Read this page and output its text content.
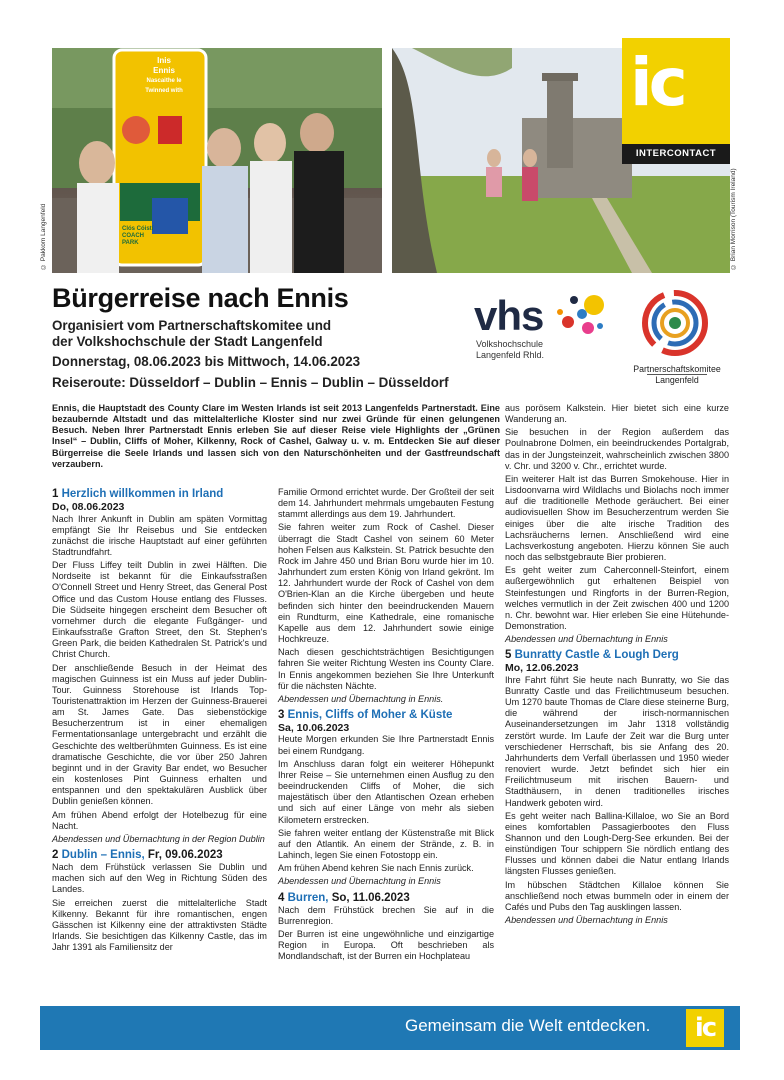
Inis
Ennis
Nascaithe le
Twinned with
Clós Cóistí
COACH PARK
© Pakkom Langenfeld	© Brian Morrison (Tourism Ireland)
ic
INTERCONTACT
Bürgerreise nach Ennis
Organisiert vom Partnerschaftskomitee und
der Volkshochschule der Stadt Langenfeld
Donnerstag, 08.06.2023 bis Mittwoch, 14.06.2023
Reiseroute: Düsseldorf – Dublin – Ennis – Dublin – Düsseldorf
vhs
Volkshochschule
Langenfeld Rhld.
Partnerschaftskomitee
Langenfeld
Ennis, die Hauptstadt des County Clare im Westen Irlands ist seit 2013 Langenfelds Partnerstadt. Eine bezaubernde Altstadt und das mittelalterliche Kloster sind nur zwei Gründe für einen gelungenen Besuch. Neben Ihrer Partnerstadt Ennis erleben Sie auf dieser Reise viele Highlights der „Grünen Insel“ – Dublin, Cliffs of Moher, Kilkenny, Rock of Cashel, Galway u. v. m. Entdecken Sie auf dieser Bürgerreise die Seele Irlands und lassen sich von den Naturschönheiten und der Gastfreundschaft verzaubern.
1 Herzlich willkommen in Irland
Do, 08.06.2023

Nach Ihrer Ankunft in Dublin am späten Vormittag empfängt Sie Ihr Reisebus und Sie entdecken zunächst die irische Hauptstadt auf einer geführten Stadtrundfahrt.

Der Fluss Liffey teilt Dublin in zwei Hälften. Die Nordseite ist bekannt für die Einkaufsstraßen O'Connell Street und Henry Street, das General Post Office und das Custom House entlang des Flusses. Die Südseite hingegen erscheint dem Besucher oft vornehmer durch die elegante Fußgänger- und Einkaufsstraße Grafton Street, den St. Stephen's Green Park, die beiden Kathedralen St. Patrick's und Christ Church.

Der anschließende Besuch in der Heimat des magischen Guinness ist ein Muss auf jeder Dublin-Tour. Guinness Storehouse ist Irlands Top-Touristenattraktion im Herzen der Guinness-Brauerei am St. James Gate. Das siebenstöckige Besucherzentrum ist in einer ehemaligen Fermentationsanlage untergebracht und erzählt die Geschichte des weltberühmten Guinness. Es ist eine dramatische Geschichte, die vor über 250 Jahren beginnt und in der Gravity Bar endet, wo Besucher ein kostenloses Pint Guinness erhalten und entspannen und den spektakulären Ausblick über Dublin genießen können.

Am frühen Abend erfolgt der Hotelbezug für eine Nacht.

Abendessen und Übernachtung in der Region Dublin

2 Dublin – Ennis, Fr, 09.06.2023

Nach dem Frühstück verlassen Sie Dublin und machen sich auf den Weg in Richtung Süden des Landes.

Sie erreichen zuerst die mittelalterliche Stadt Kilkenny. Bekannt für ihre romantischen, engen Gässchen ist Kilkenny eine der attraktivsten Städte Irlands. Sie besichtigen das Kilkenny Castle, das im Jahr 1391 als Familiensitz der

Familie Ormond errichtet wurde. Der Großteil der seit dem 14. Jahrhundert mehrmals umgebauten Festung stammt allerdings aus dem 19. Jahrhundert.

Sie fahren weiter zum Rock of Cashel. Dieser überragt die Stadt Cashel von seinem 60 Meter hohen Felsen aus Kalkstein. St. Patrick besuchte den Rock im Jahre 450 und Brian Boru wurde hier im 10. Jahrhundert zum ersten König von Irland gekrönt. Im 12. Jahrhundert wurde der Rock of Cashel von dem O'Brien-Klan an die Kirche übergeben und heute befinden sich hinter den beeindruckenden Mauern ein Rundturm, eine Kathedrale, eine romanische Kapelle aus dem 12. Jahrhundert sowie einige Hochkreuze.

Nach diesen geschichtsträchtigen Besichtigungen fahren Sie weiter Richtung Westen ins County Clare. In Ennis angekommen beziehen Sie Ihre Unterkunft für die nächsten Nächte.

Abendessen und Übernachtung in Ennis.

3 Ennis, Cliffs of Moher & Küste
Sa, 10.06.2023

Heute Morgen erkunden Sie Ihre Partnerstadt Ennis bei einem Rundgang.

Im Anschluss daran folgt ein weiterer Höhepunkt Ihrer Reise – Sie unternehmen einen Ausflug zu den beeindruckenden Cliffs of Moher, die sich majestätisch über den Atlantischen Ozean erheben und sich auf einer Länge von mehr als sieben Kilometern erstrecken.

Sie fahren weiter entlang der Küstenstraße mit Blick auf den Atlantik. An einem der Strände, z. B. in Lahinch, legen Sie einen Fotostopp ein.

Am frühen Abend kehren Sie nach Ennis zurück.

Abendessen und Übernachtung in Ennis

4 Burren, So, 11.06.2023

Nach dem Frühstück brechen Sie auf in die Burrenregion.

Der Burren ist eine ungewöhnliche und einzigartige Region in Europa. Oft beschrieben als Mondlandschaft, ist der Burren ein Hochplateau

aus porösem Kalkstein. Hier bietet sich eine kurze Wanderung an.

Sie besuchen in der Region außerdem das Poulnabrone Dolmen, ein beeindruckendes Portalgrab, das in der Jungsteinzeit, wahrscheinlich zwischen 3800 v. Chr. und 3200 v. Chr., errichtet wurde.

Ein weiterer Halt ist das Burren Smokehouse. Hier in Lisdoonvarna wird Wildlachs und Biolachs noch immer auf die traditionelle Methode geräuchert. Bei einer audiovisuellen Show im Besucherzentrum werden Sie einiges über die alte irische Tradition des Lachsräucherns lernen. Anschließend wird eine Lachsverkostung angeboten. Hierzu können Sie auch noch das selbstgebraute Bier probieren.

Es geht weiter zum Caherconnell-Steinfort, einem außergewöhnlich gut erhaltenen Beispiel von Steinfestungen und Ringforts in der Burren-Region, welches vermutlich in der Zeit zwischen 400 und 1200 n. Chr. bewohnt war. Hier erleben Sie eine Hütehunde-Demonstration.

Abendessen und Übernachtung in Ennis

5 Bunratty Castle & Lough Derg
Mo, 12.06.2023

Ihre Fahrt führt Sie heute nach Bunratty, wo Sie das Bunratty Castle und das Freilichtmuseum besuchen. Um 1270 baute Thomas de Clare diese steinerne Burg, die während der irisch-normannischen Auseinandersetzungen im Jahr 1318 vollständig zerstört wurde. Im Laufe der Zeit war die Burg unter verschiedener Herrschaft, bis sie Anfang des 20. Jahrhunderts dem Verfall überlassen und 1950 wieder renoviert wurde. Jetzt befindet sich hier ein Freilichtmuseum mit irischen Bauern- und Stadthäusern, in denen traditionelles irisches Handwerk geboten wird.

Es geht weiter nach Ballina-Killaloe, wo Sie an Bord eines komfortablen Passagierbootes den Fluss Shannon und den Lough-Derg-See erkunden. Bei der einstündigen Tour schippern Sie nördlich entlang des Flusses und können dabei die Natur entlang Irlands längsten Flusses genießen.

Im hübschen Städtchen Killaloe können Sie anschließend noch etwas bummeln oder in einem der Cafés und Pubs den Tag ausklingen lassen.

Abendessen und Übernachtung in Ennis

Gemeinsam die Welt entdecken.	ic
